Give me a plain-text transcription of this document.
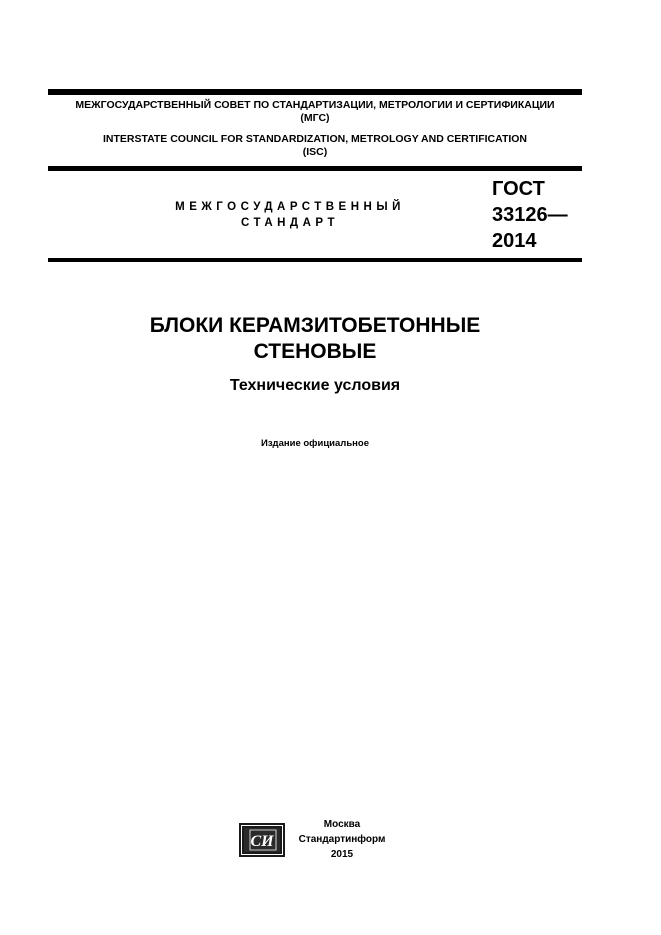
МЕЖГОСУДАРСТВЕННЫЙ СОВЕТ ПО СТАНДАРТИЗАЦИИ, МЕТРОЛОГИИ И СЕРТИФИКАЦИИ
(МГС)
INTERSTATE COUNCIL FOR STANDARDIZATION, METROLOGY AND CERTIFICATION
(ISC)
МЕЖГОСУДАРСТВЕННЫЙ
СТАНДАРТ
ГОСТ
33126—
2014
БЛОКИ КЕРАМЗИТОБЕТОННЫЕ
СТЕНОВЫЕ
Технические условия
Издание официальное
СИ
Москва
Стандартинформ
2015
